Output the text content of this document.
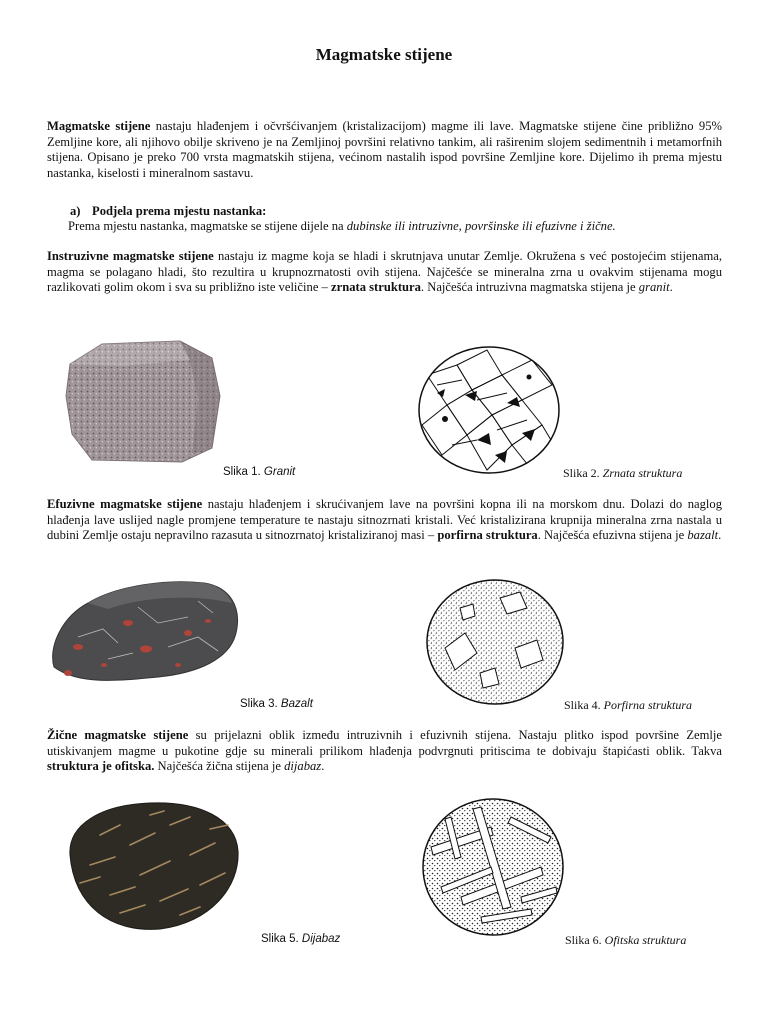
Magmatske stijene
Magmatske stijene nastaju hlađenjem i očvršćivanjem (kristalizacijom) magme ili lave. Magmatske stijene čine približno 95% Zemljine kore, ali njihovo obilje skriveno je na Zemljinoj površini relativno tankim, ali raširenim slojem sedimentnih i metamorfnih stijena. Opisano je preko 700 vrsta magmatskih stijena, većinom nastalih ispod površine Zemljine kore. Dijelimo ih prema mjestu nastanka, kiselosti i mineralnom sastavu.
a) Podjela prema mjestu nastanka:
Prema mjestu nastanka, magmatske se stijene dijele na dubinske ili intruzivne, površinske ili efuzivne i žične.
Instruzivne magmatske stijene nastaju iz magme koja se hladi i skrutnjava unutar Zemlje. Okružena s već postojećim stijenama, magma se polagano hladi, što rezultira u krupnozrnatosti ovih stijena. Najčešće se mineralna zrna u ovakvim stijenama mogu razlikovati golim okom i sva su približno iste veličine – zrnata struktura. Najčešća intruzivna magmatska stijena je granit.
Slika 1. Granit	Slika 2. Zrnata struktura
Efuzivne magmatske stijene nastaju hlađenjem i skrućivanjem lave na površini kopna ili na morskom dnu. Dolazi do naglog hlađenja lave uslijed nagle promjene temperature te nastaju sitnozrnati kristali. Već kristalizirana krupnija mineralna zrna nastala u dubini Zemlje ostaju nepravilno razasuta u sitnozrnatoj kristaliziranoj masi – porfirna struktura. Najčešća efuzivna stijena je bazalt.
Slika 3. Bazalt	Slika 4. Porfirna struktura
Žične magmatske stijene su prijelazni oblik između intruzivnih i efuzivnih stijena. Nastaju plitko ispod površine Zemlje utiskivanjem magme u pukotine gdje su minerali prilikom hlađenja podvrgnuti pritiscima te dobivaju štapićasti oblik. Takva struktura je ofitska. Najčešća žična stijena je dijabaz.
Slika 5. Dijabaz	Slika 6. Ofitska struktura
